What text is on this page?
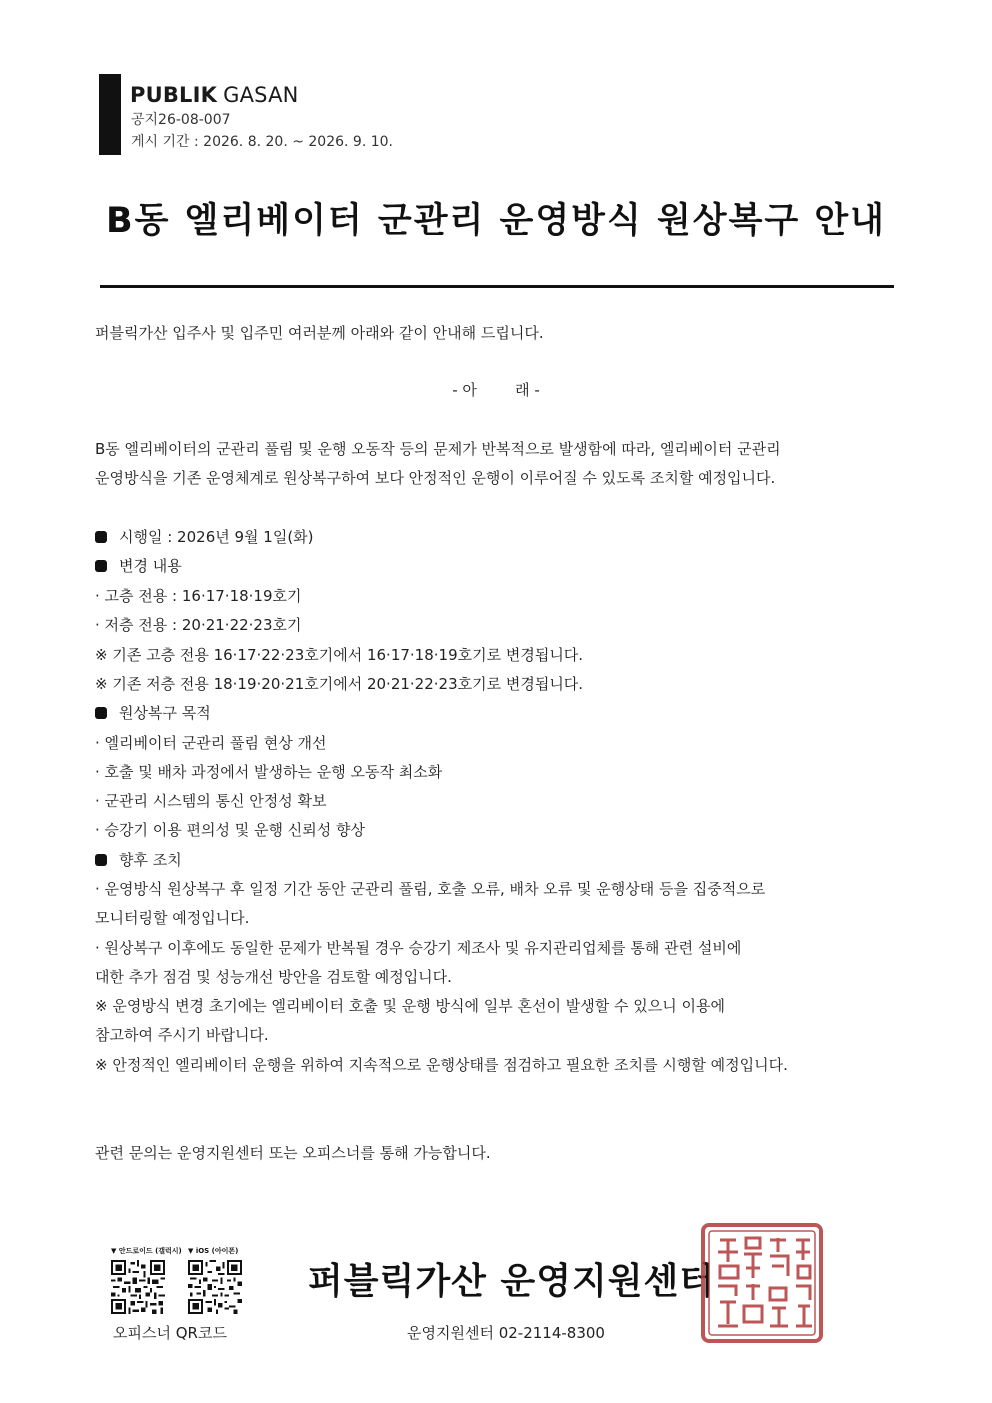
PUBLIK GASAN
공지26-08-007
게시 기간 : 2026. 8. 20. ~ 2026. 9. 10.
B동 엘리베이터 군관리 운영방식 원상복구 안내
퍼블릭가산 입주사 및 입주민 여러분께 아래와 같이 안내해 드립니다.
- 아        래 -
B동 엘리베이터의 군관리 풀림 및 운행 오동작 등의 문제가 반복적으로 발생함에 따라, 엘리베이터 군관리
운영방식을 기존 운영체계로 원상복구하여 보다 안정적인 운행이 이루어질 수 있도록 조치할 예정입니다.
시행일 : 2026년 9월 1일(화)
변경 내용
· 고층 전용 : 16·17·18·19호기
· 저층 전용 : 20·21·22·23호기
※ 기존 고층 전용 16·17·22·23호기에서 16·17·18·19호기로 변경됩니다.
※ 기존 저층 전용 18·19·20·21호기에서 20·21·22·23호기로 변경됩니다.
원상복구 목적
· 엘리베이터 군관리 풀림 현상 개선
· 호출 및 배차 과정에서 발생하는 운행 오동작 최소화
· 군관리 시스템의 통신 안정성 확보
· 승강기 이용 편의성 및 운행 신뢰성 향상
향후 조치
· 운영방식 원상복구 후 일정 기간 동안 군관리 풀림, 호출 오류, 배차 오류 및 운행상태 등을 집중적으로
모니터링할 예정입니다.
· 원상복구 이후에도 동일한 문제가 반복될 경우 승강기 제조사 및 유지관리업체를 통해 관련 설비에
대한 추가 점검 및 성능개선 방안을 검토할 예정입니다.
※ 운영방식 변경 초기에는 엘리베이터 호출 및 운행 방식에 일부 혼선이 발생할 수 있으니 이용에
참고하여 주시기 바랍니다.
※ 안정적인 엘리베이터 운행을 위하여 지속적으로 운행상태를 점검하고 필요한 조치를 시행할 예정입니다.
관련 문의는 운영지원센터 또는 오피스너를 통해 가능합니다.
▼ 안드로이드 (갤럭시) ▼ iOS (아이폰)
오피스너 QR코드
퍼블릭가산 운영지원센터
운영지원센터 02-2114-8300
